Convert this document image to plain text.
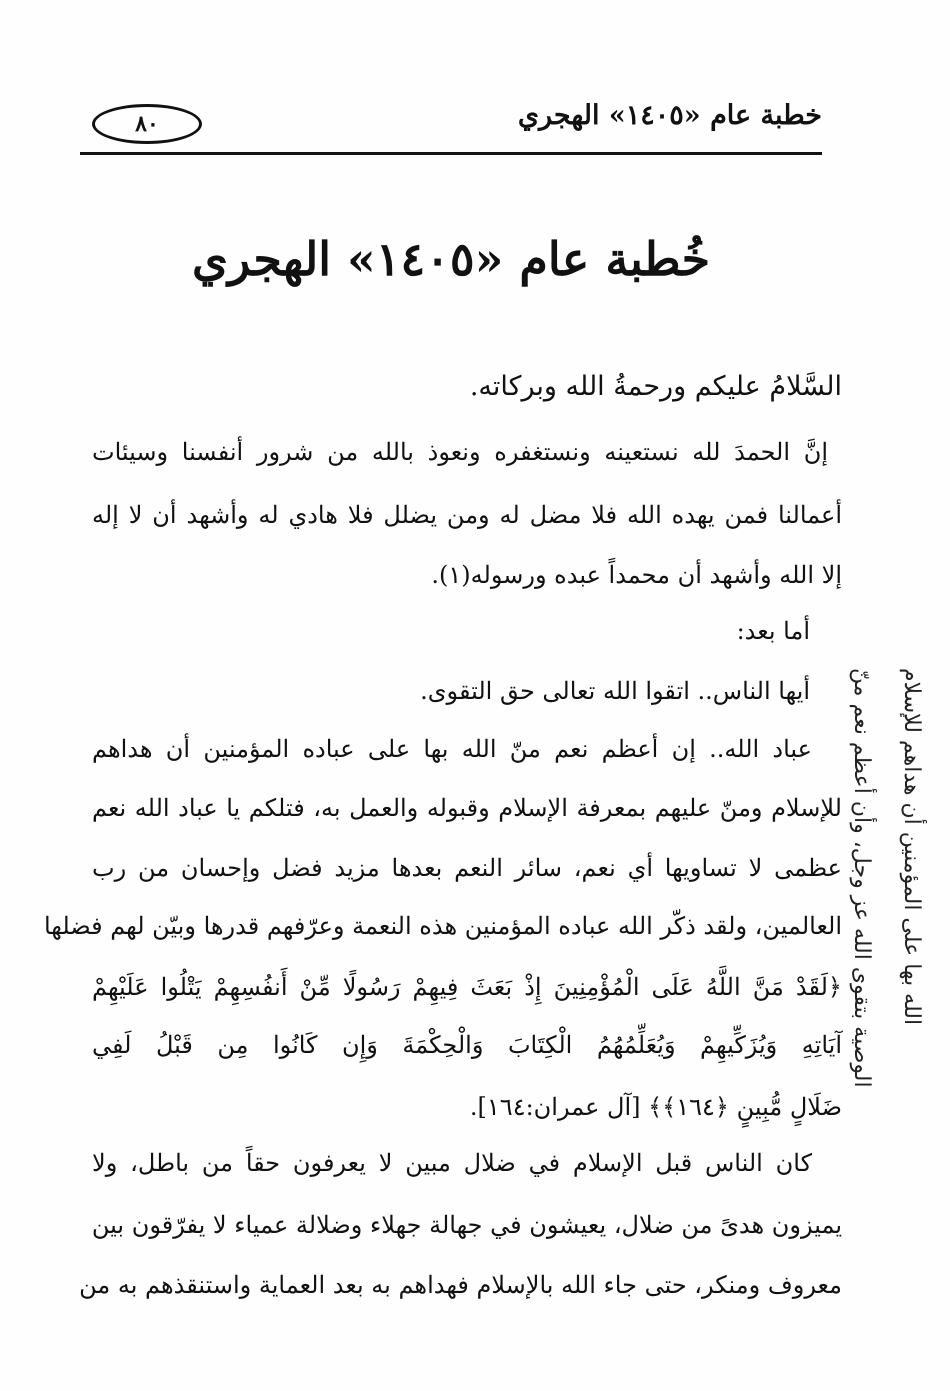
خطبة عام «١٤٠٥» الهجري
٨٠
خُطبة عام «١٤٠٥» الهجري
السَّلامُ عليكم ورحمةُ الله وبركاته.
إنَّ الحمدَ لله نستعينه ونستغفره ونعوذ بالله من شرور أنفسنا وسيئات
أعمالنا فمن يهده الله فلا مضل له ومن يضلل فلا هادي له وأشهد أن لا إله
إلا الله وأشهد أن محمداً عبده ورسوله(١).
أما بعد:
أيها الناس.. اتقوا الله تعالى حق التقوى.
عباد الله.. إن أعظم نعم منّ الله بها على عباده المؤمنين أن هداهم
للإسلام ومنّ عليهم بمعرفة الإسلام وقبوله والعمل به، فتلكم يا عباد الله نعم
عظمى لا تساويها أي نعم، سائر النعم بعدها مزيد فضل وإحسان من رب
العالمين، ولقد ذكّر الله عباده المؤمنين هذه النعمة وعرّفهم قدرها وبيّن لهم فضلها
﴿لَقَدْ مَنَّ اللَّهُ عَلَى الْمُؤْمِنِينَ إِذْ بَعَثَ فِيهِمْ رَسُولًا مِّنْ أَنفُسِهِمْ يَتْلُوا عَلَيْهِمْ
آيَاتِهِ وَيُزَكِّيهِمْ وَيُعَلِّمُهُمُ الْكِتَابَ وَالْحِكْمَةَ وَإِن كَانُوا مِن قَبْلُ لَفِي
ضَلَالٍ مُّبِينٍ ﴿١٦٤﴾﴾ [آل عمران:١٦٤].
كان الناس قبل الإسلام في ضلال مبين لا يعرفون حقاً من باطل، ولا
يميزون هدىً من ضلال، يعيشون في جهالة جهلاء وضلالة عمياء لا يفرّقون بين
معروف ومنكر، حتى جاء الله بالإسلام فهداهم به بعد العماية واستنقذهم به من
الوصية بتقوى الله عز وجل، وأن أعظم نعم منّ	الله بها على المؤمنين أن هداهم للإسلام
